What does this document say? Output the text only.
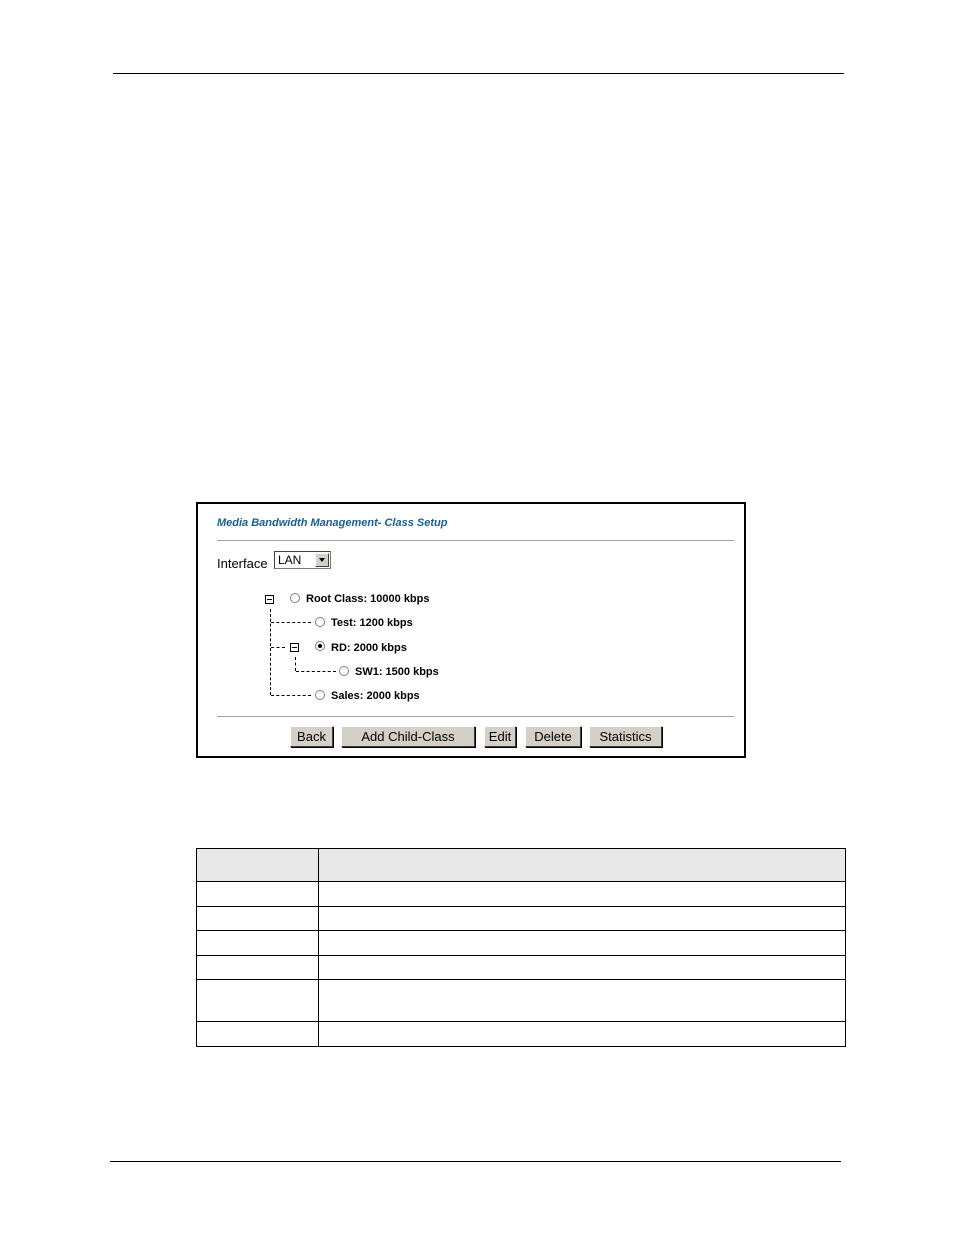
Media Bandwidth Management- Class Setup
Interface LAN
Root Class: 10000 kbps
Test: 1200 kbps
RD: 2000 kbps
SW1: 1500 kbps
Sales: 2000 kbps
Back	Add Child-Class	Edit	Delete	Statistics
